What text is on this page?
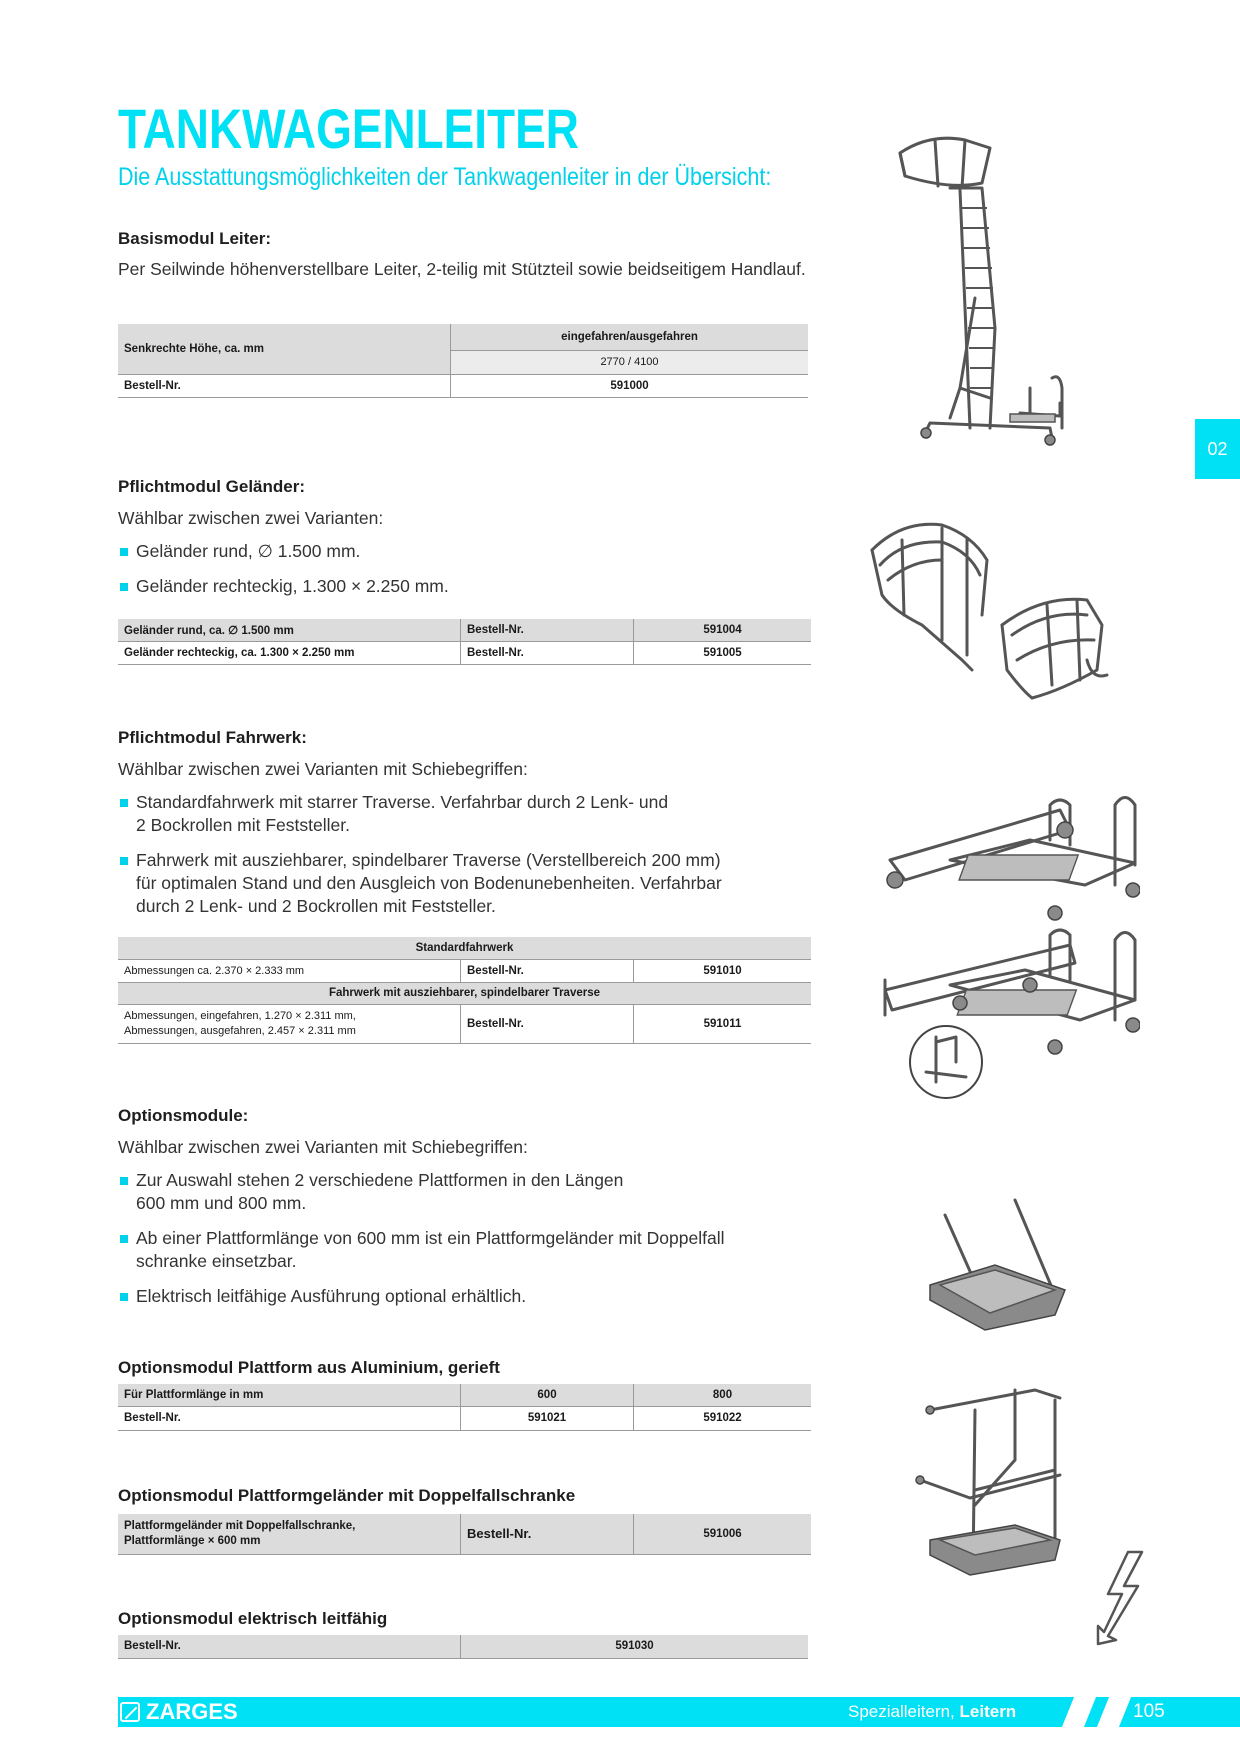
TANKWAGENLEITER
Die Ausstattungsmöglichkeiten der Tankwagenleiter in der Übersicht:
02
Basismodul Leiter:
Per Seilwinde höhenverstellbare Leiter, 2-teilig mit Stützteil sowie beidseitigem Handlauf.
Senkrechte Höhe, ca. mm	eingefahren/ausgefahren
	2770 / 4100
Bestell-Nr.	591000
Pflichtmodul Geländer:
Wählbar zwischen zwei Varianten:
Geländer rund, ∅ 1.500 mm.
Geländer rechteckig, 1.300 × 2.250 mm.
Geländer rund, ca. ∅ 1.500 mm	Bestell-Nr.	591004
Geländer rechteckig, ca. 1.300 × 2.250 mm	Bestell-Nr.	591005
Pflichtmodul Fahrwerk:
Wählbar zwischen zwei Varianten mit Schiebegriffen:
Standardfahrwerk mit starrer Traverse. Verfahrbar durch 2 Lenk- und
2 Bockrollen mit Feststeller.
Fahrwerk mit ausziehbarer, spindelbarer Traverse (Verstellbereich 200 mm)
für optimalen Stand und den Ausgleich von Bodenunebenheiten. Verfahrbar
durch 2 Lenk- und 2 Bockrollen mit Feststeller.
Standardfahrwerk		
Abmessungen ca. 2.370 × 2.333 mm	Bestell-Nr.	591010
Fahrwerk mit ausziehbarer, spindelbarer Traverse		

Abmessungen, eingefahren, 1.270 × 2.311 mm,
Abmessungen, ausgefahren, 2.457 × 2.311 mm	Bestell-Nr.	591011
Optionsmodule:
Wählbar zwischen zwei Varianten mit Schiebegriffen:
Zur Auswahl stehen 2 verschiedene Plattformen in den Längen
600 mm und 800 mm.
Ab einer Plattformlänge von 600 mm ist ein Plattformgeländer mit Doppelfall
schranke einsetzbar.
Elektrisch leitfähige Ausführung optional erhältlich.
Optionsmodul Plattform aus Aluminium, gerieft
Für Plattformlänge in mm	600	800
Bestell-Nr.	591021	591022
Optionsmodul Plattformgeländer mit Doppelfallschranke
Plattformgeländer mit Doppelfallschranke,
Plattformlänge × 600 mm	Bestell-Nr.	591006
Optionsmodul elektrisch leitfähig
Bestell-Nr.	591030
ZARGES	Spezialleitern, Leitern	105
